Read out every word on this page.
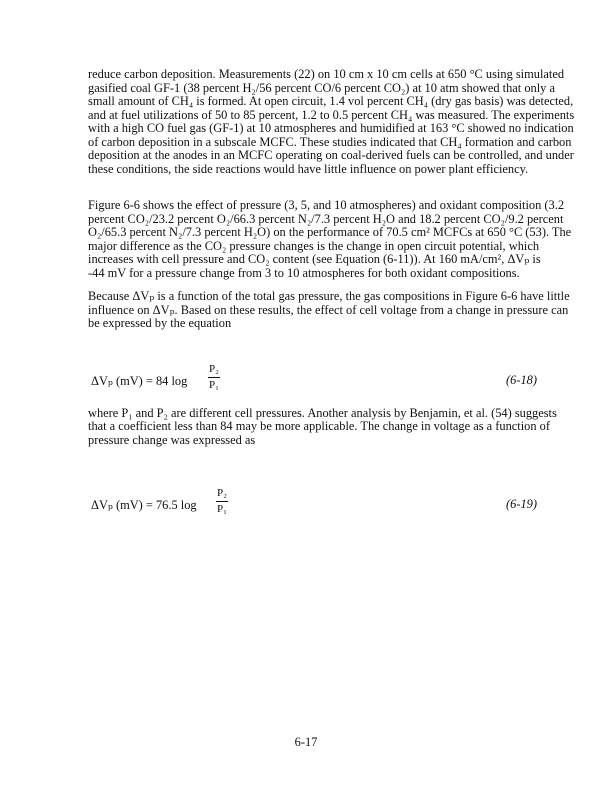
reduce carbon deposition. Measurements (22) on 10 cm x 10 cm cells at 650 °C using simulated
gasified coal GF-1 (38 percent H₂/56 percent CO/6 percent CO₂) at 10 atm showed that only a
small amount of CH₄ is formed. At open circuit, 1.4 vol percent CH₄ (dry gas basis) was detected,
and at fuel utilizations of 50 to 85 percent, 1.2 to 0.5 percent CH₄ was measured. The experiments
with a high CO fuel gas (GF-1) at 10 atmospheres and humidified at 163 °C showed no indication
of carbon deposition in a subscale MCFC. These studies indicated that CH₄ formation and carbon
deposition at the anodes in an MCFC operating on coal-derived fuels can be controlled, and under
these conditions, the side reactions would have little influence on power plant efficiency.
Figure 6-6 shows the effect of pressure (3, 5, and 10 atmospheres) and oxidant composition (3.2
percent CO₂/23.2 percent O₂/66.3 percent N₂/7.3 percent H₂O and 18.2 percent CO₂/9.2 percent
O₂/65.3 percent N₂/7.3 percent H₂O) on the performance of 70.5 cm² MCFCs at 650 °C (53). The
major difference as the CO₂ pressure changes is the change in open circuit potential, which
increases with cell pressure and CO₂ content (see Equation (6-11)). At 160 mA/cm², ΔVₚ is
-44 mV for a pressure change from 3 to 10 atmospheres for both oxidant compositions.
Because ΔVₚ is a function of the total gas pressure, the gas compositions in Figure 6-6 have little
influence on ΔVₚ. Based on these results, the effect of cell voltage from a change in pressure can
be expressed by the equation
ΔVₚ (mV) = 84 log
P₂
P₁	(6-18)
where P₁ and P₂ are different cell pressures. Another analysis by Benjamin, et al. (54) suggests
that a coefficient less than 84 may be more applicable. The change in voltage as a function of
pressure change was expressed as
ΔVₚ (mV) = 76.5 log
P₂
P₁	(6-19)
6-17
